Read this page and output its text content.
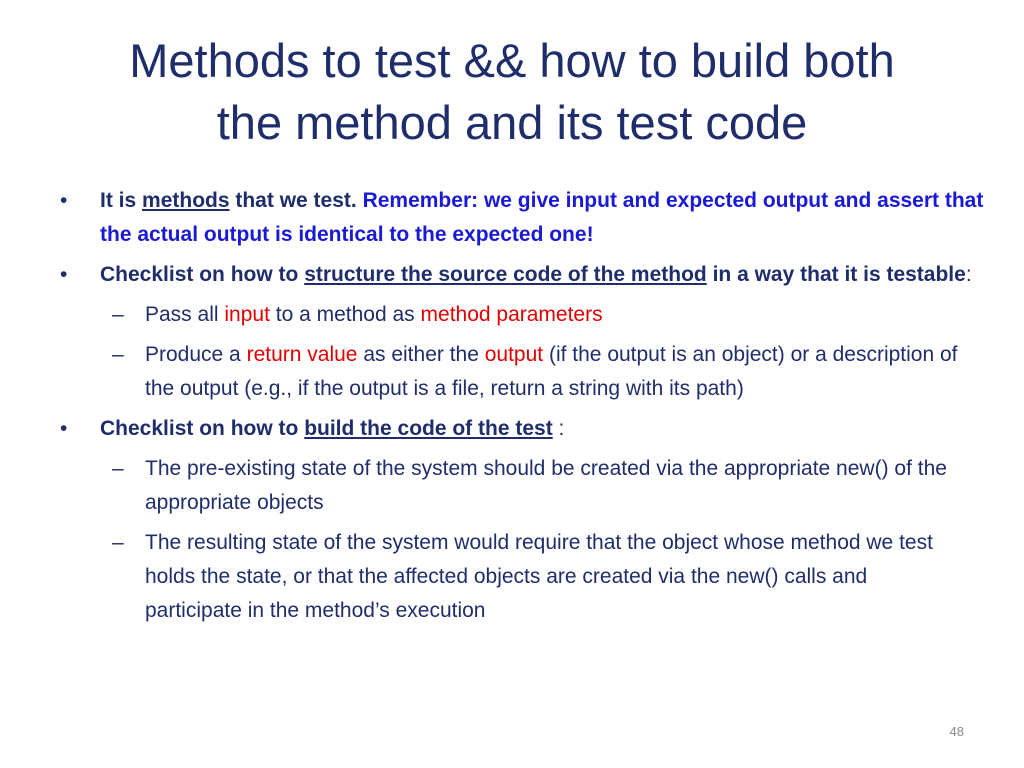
Methods to test && how to build both
the method and its test code
• It is methods that we test. Remember: we give input and expected output and assert that the actual output is identical to the expected one!
• Checklist on how to structure the source code of the method in a way that it is testable:
– Pass all input to a method as method parameters
– Produce a return value as either the output (if the output is an object) or a description of the output (e.g., if the output is a file, return a string with its path)
• Checklist on how to build the code of the test :
– The pre-existing state of the system should be created via the appropriate new() of the appropriate objects
– The resulting state of the system would require that the object whose method we test holds the state, or that the affected objects are created via the new() calls and participate in the method’s execution
48
